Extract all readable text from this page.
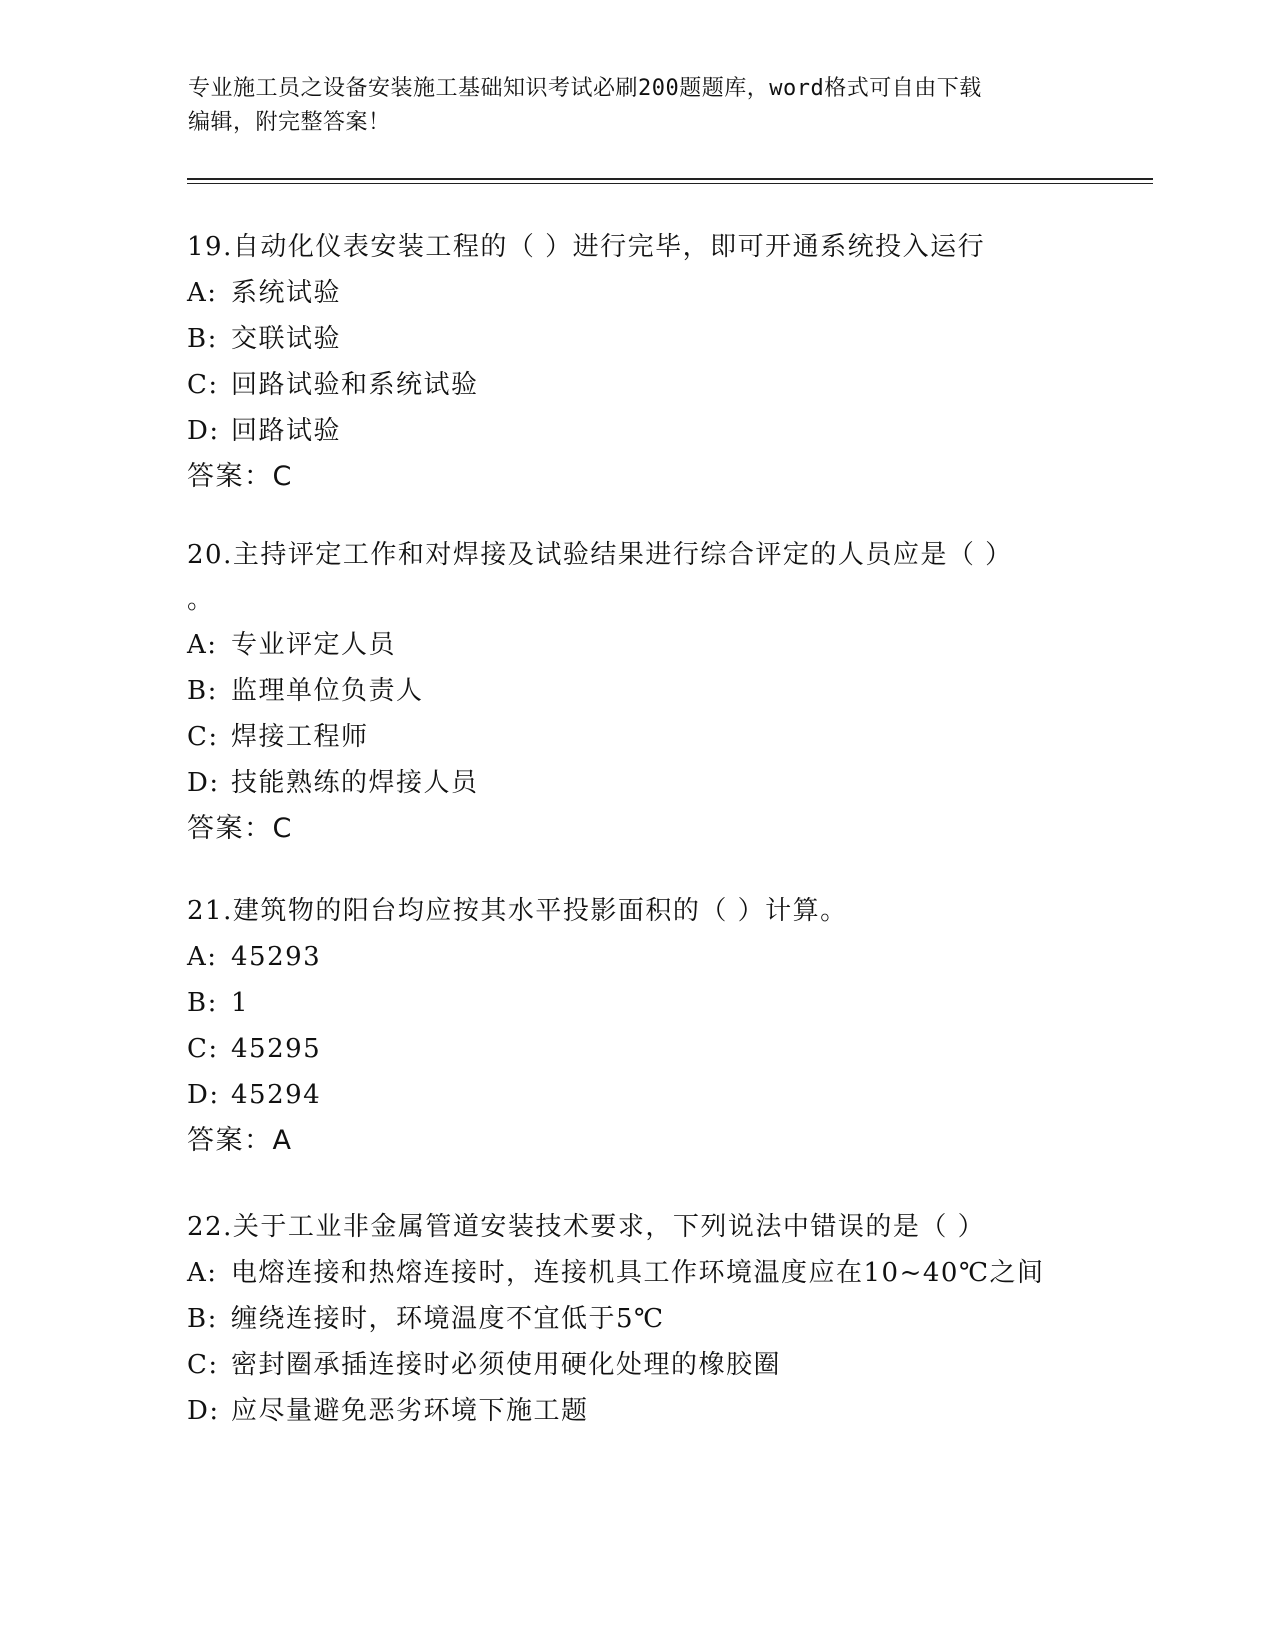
专业施工员之设备安装施工基础知识考试必刷200题题库，word格式可自由下载
编辑，附完整答案！
19.自动化仪表安装工程的（ ）进行完毕，即可开通系统投入运行
A: 系统试验
B: 交联试验
C: 回路试验和系统试验
D: 回路试验
答案：C
20.主持评定工作和对焊接及试验结果进行综合评定的人员应是（ ）
。
A: 专业评定人员
B: 监理单位负责人
C: 焊接工程师
D: 技能熟练的焊接人员
答案：C
21.建筑物的阳台均应按其水平投影面积的（ ）计算。
A: 45293
B: 1
C: 45295
D: 45294
答案：A
22.关于工业非金属管道安装技术要求，下列说法中错误的是（ ）
A: 电熔连接和热熔连接时，连接机具工作环境温度应在10~40℃之间
B: 缠绕连接时，环境温度不宜低于5℃
C: 密封圈承插连接时必须使用硬化处理的橡胶圈
D: 应尽量避免恶劣环境下施工题
